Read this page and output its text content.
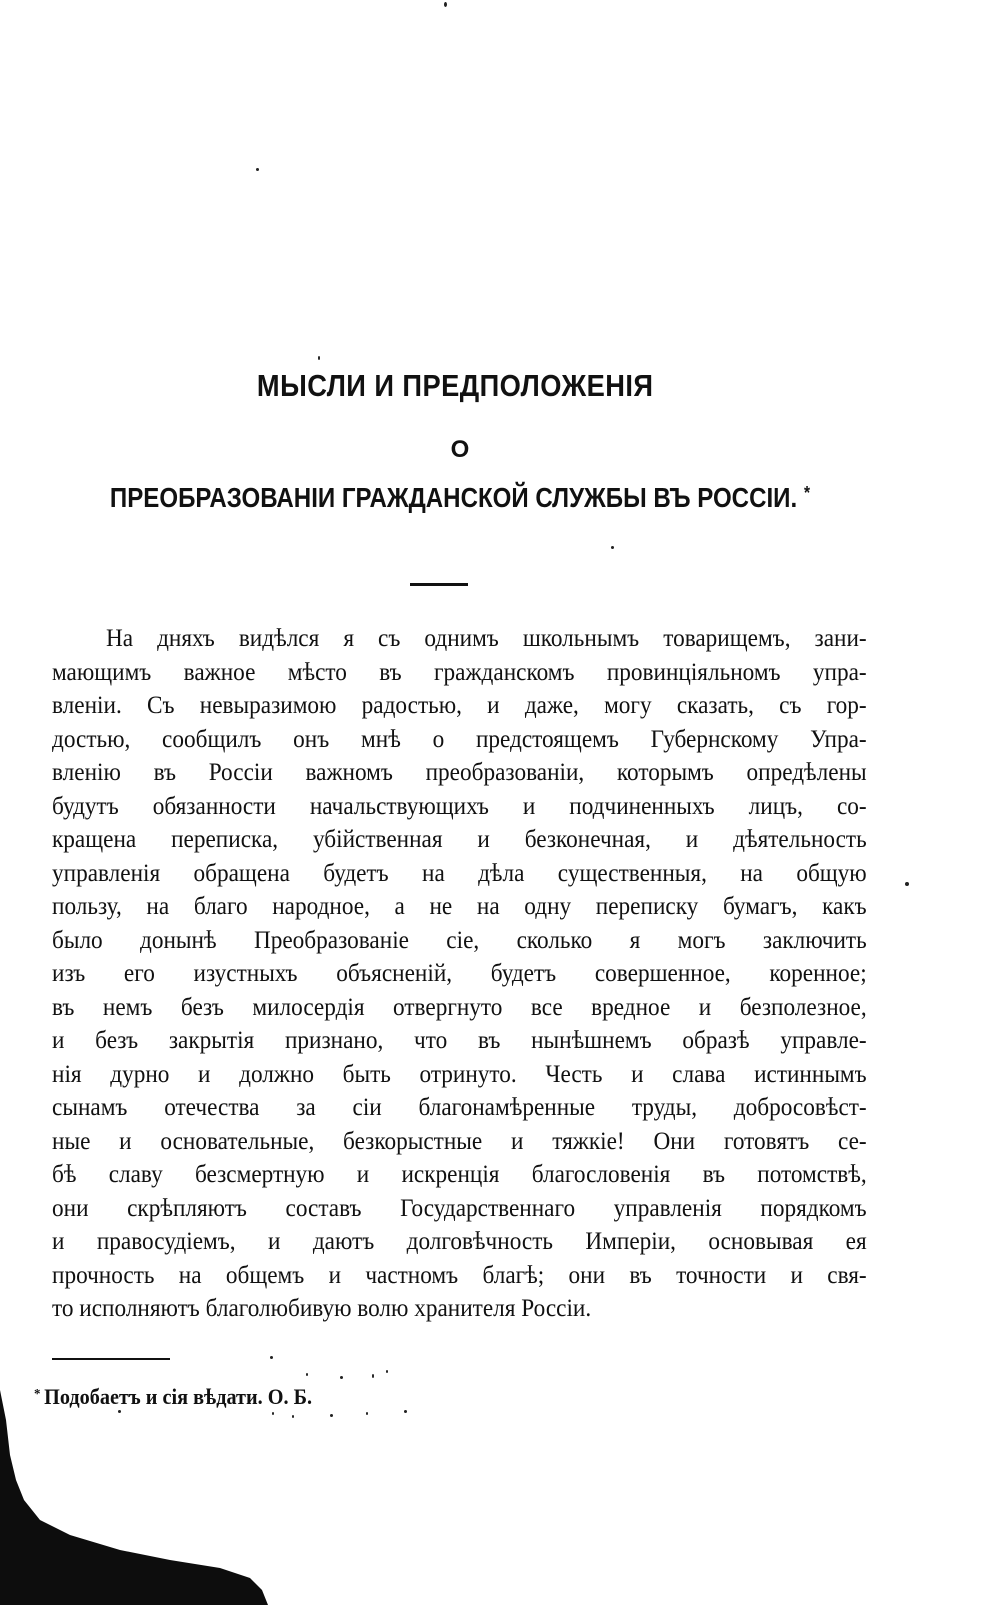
МЫСЛИ И ПРЕДПОЛОЖЕНІЯ
О
ПРЕОБРАЗОВАНІИ ГРАЖДАНСКОЙ СЛУЖБЫ ВЪ РОССІИ. *
На дняхъ видѣлся я съ однимъ школьнымъ товарищемъ, зани-
мающимъ важное мѣсто въ гражданскомъ провинціяльномъ упра-
вленіи. Съ невыразимою радостью, и даже, могу сказать, съ гор-
достью, сообщилъ онъ мнѣ о предстоящемъ Губернскому Упра-
вленію въ Россіи важномъ преобразованіи, которымъ опредѣлены
будутъ обязанности начальствующихъ и подчиненныхъ лицъ, со-
кращена переписка, убійственная и безконечная, и дѣятельность
управленія обращена будетъ на дѣла существенныя, на общую
пользу, на благо народное, а не на одну переписку бумагъ, какъ
было донынѣ Преобразованіе сіе, сколько я могъ заключить
изъ его изустныхъ объясненій, будетъ совершенное, коренное;
въ немъ безъ милосердія отвергнуто все вредное и безполезное,
и безъ закрытія признано, что въ нынѣшнемъ образѣ управле-
нія дурно и должно быть отринуто. Честь и слава истиннымъ
сынамъ отечества за сіи благонамѣренные труды, добросовѣст-
ные и основательные, безкорыстные и тяжкіе! Они готовятъ се-
бѣ славу безсмертную и искренція благословенія въ потомствѣ,
они скрѣпляютъ составъ Государственнаго управленія порядкомъ
и правосудіемъ, и даютъ долговѣчность Имперіи, основывая ея
прочность на общемъ и частномъ благѣ; они въ точности и свя-
то исполняютъ благолюбивую волю хранителя Россіи.
* Подобаетъ и сія вѣдати. О. Б.
